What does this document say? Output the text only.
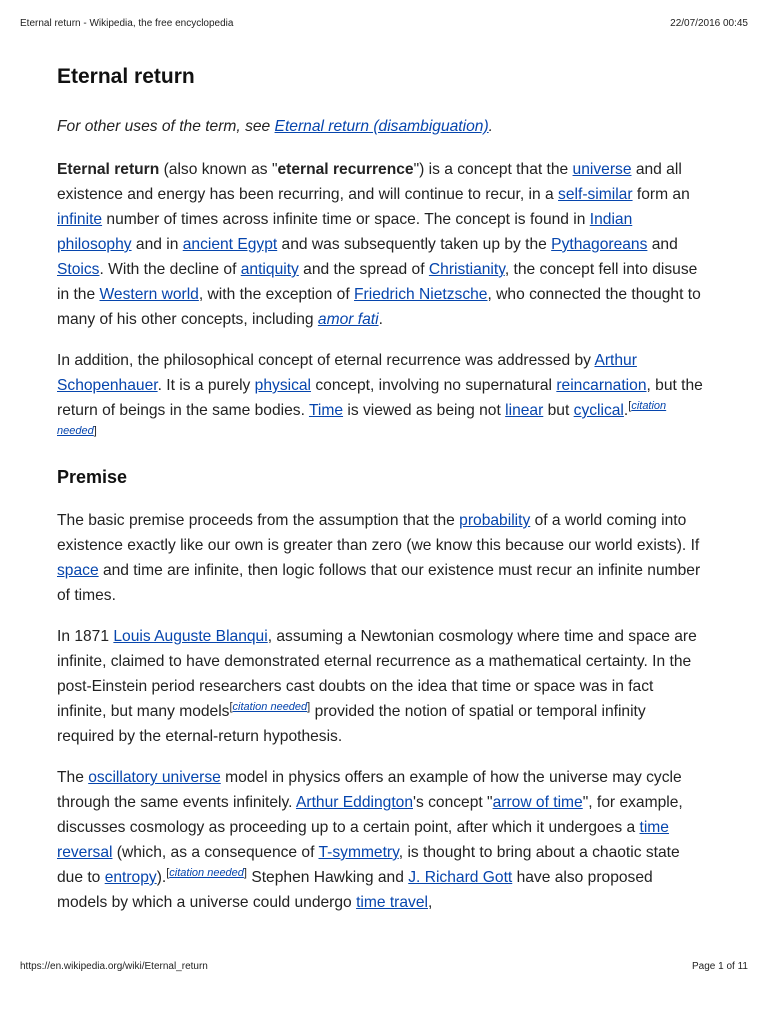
Eternal return - Wikipedia, the free encyclopedia	22/07/2016 00:45
Eternal return

For other uses of the term, see Eternal return (disambiguation).

Eternal return (also known as "eternal recurrence") is a concept that the universe and all existence and energy has been recurring, and will continue to recur, in a self-similar form an infinite number of times across infinite time or space. The concept is found in Indian philosophy and in ancient Egypt and was subsequently taken up by the Pythagoreans and Stoics. With the decline of antiquity and the spread of Christianity, the concept fell into disuse in the Western world, with the exception of Friedrich Nietzsche, who connected the thought to many of his other concepts, including amor fati.

In addition, the philosophical concept of eternal recurrence was addressed by Arthur Schopenhauer. It is a purely physical concept, involving no supernatural reincarnation, but the return of beings in the same bodies. Time is viewed as being not linear but cyclical.[citation needed]

Premise

The basic premise proceeds from the assumption that the probability of a world coming into existence exactly like our own is greater than zero (we know this because our world exists). If space and time are infinite, then logic follows that our existence must recur an infinite number of times.

In 1871 Louis Auguste Blanqui, assuming a Newtonian cosmology where time and space are infinite, claimed to have demonstrated eternal recurrence as a mathematical certainty. In the post-Einstein period researchers cast doubts on the idea that time or space was in fact infinite, but many models[citation needed] provided the notion of spatial or temporal infinity required by the eternal-return hypothesis.

The oscillatory universe model in physics offers an example of how the universe may cycle through the same events infinitely. Arthur Eddington's concept "arrow of time", for example, discusses cosmology as proceeding up to a certain point, after which it undergoes a time reversal (which, as a consequence of T-symmetry, is thought to bring about a chaotic state due to entropy).[citation needed] Stephen Hawking and J. Richard Gott have also proposed models by which a universe could undergo time travel,

https://en.wikipedia.org/wiki/Eternal_return	Page 1 of 11
